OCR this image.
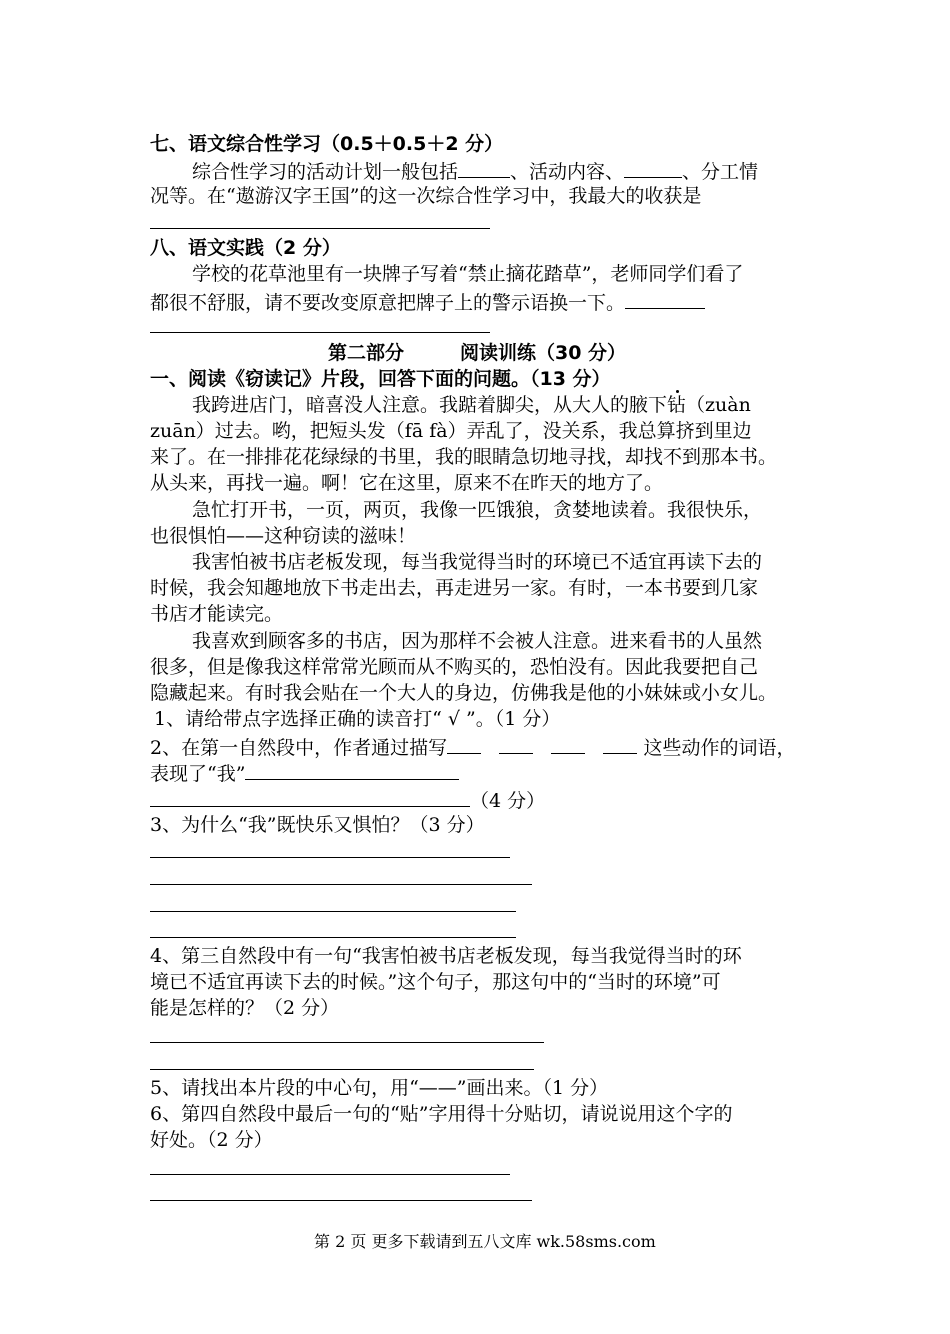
七、语文综合性学习（0.5＋0.5＋2 分）
综合性学习的活动计划一般包括	、活动内容、	、分工情
况等。在“遨游汉字王国”的这一次综合性学习中，我最大的收获是
八、语文实践（2 分）
学校的花草池里有一块牌子写着“禁止摘花踏草”，老师同学们看了
都很不舒服，请不要改变原意把牌子上的警示语换一下。
第二部分	阅读训练（30 分）
一、阅读《窃读记》片段，回答下面的问题。（13 分）
我跨进店门，暗喜没人注意。我踮着脚尖，从大人的腋下钻（zuàn
zuān）过去。哟，把短头发（fā fà）弄乱了，没关系，我总算挤到里边
来了。在一排排花花绿绿的书里，我的眼睛急切地寻找，却找不到那本书。
从头来，再找一遍。啊！它在这里，原来不在昨天的地方了。
急忙打开书，一页，两页，我像一匹饿狼，贪婪地读着。我很快乐，
也很惧怕——这种窃读的滋味！
我害怕被书店老板发现，每当我觉得当时的环境已不适宜再读下去的
时候，我会知趣地放下书走出去，再走进另一家。有时，一本书要到几家
书店才能读完。
我喜欢到顾客多的书店，因为那样不会被人注意。进来看书的人虽然
很多，但是像我这样常常光顾而从不购买的，恐怕没有。因此我要把自己
隐藏起来。有时我会贴在一个大人的身边，仿佛我是他的小妹妹或小女儿。
1、请给带点字选择正确的读音打“ √ ”。（1 分）
2、在第一自然段中，作者通过描写	这些动作的词语，
表现了“我”
（4 分）
3、为什么“我”既快乐又惧怕？（3 分）
4、第三自然段中有一句“我害怕被书店老板发现，每当我觉得当时的环
境已不适宜再读下去的时候。”这个句子，那这句中的“当时的环境”可
能是怎样的？（2 分）
5、请找出本片段的中心句，用“——”画出来。（1 分）
6、第四自然段中最后一句的“贴”字用得十分贴切，请说说用这个字的
好处。（2 分）
第 2 页 更多下载请到五八文库 wk.58sms.com
